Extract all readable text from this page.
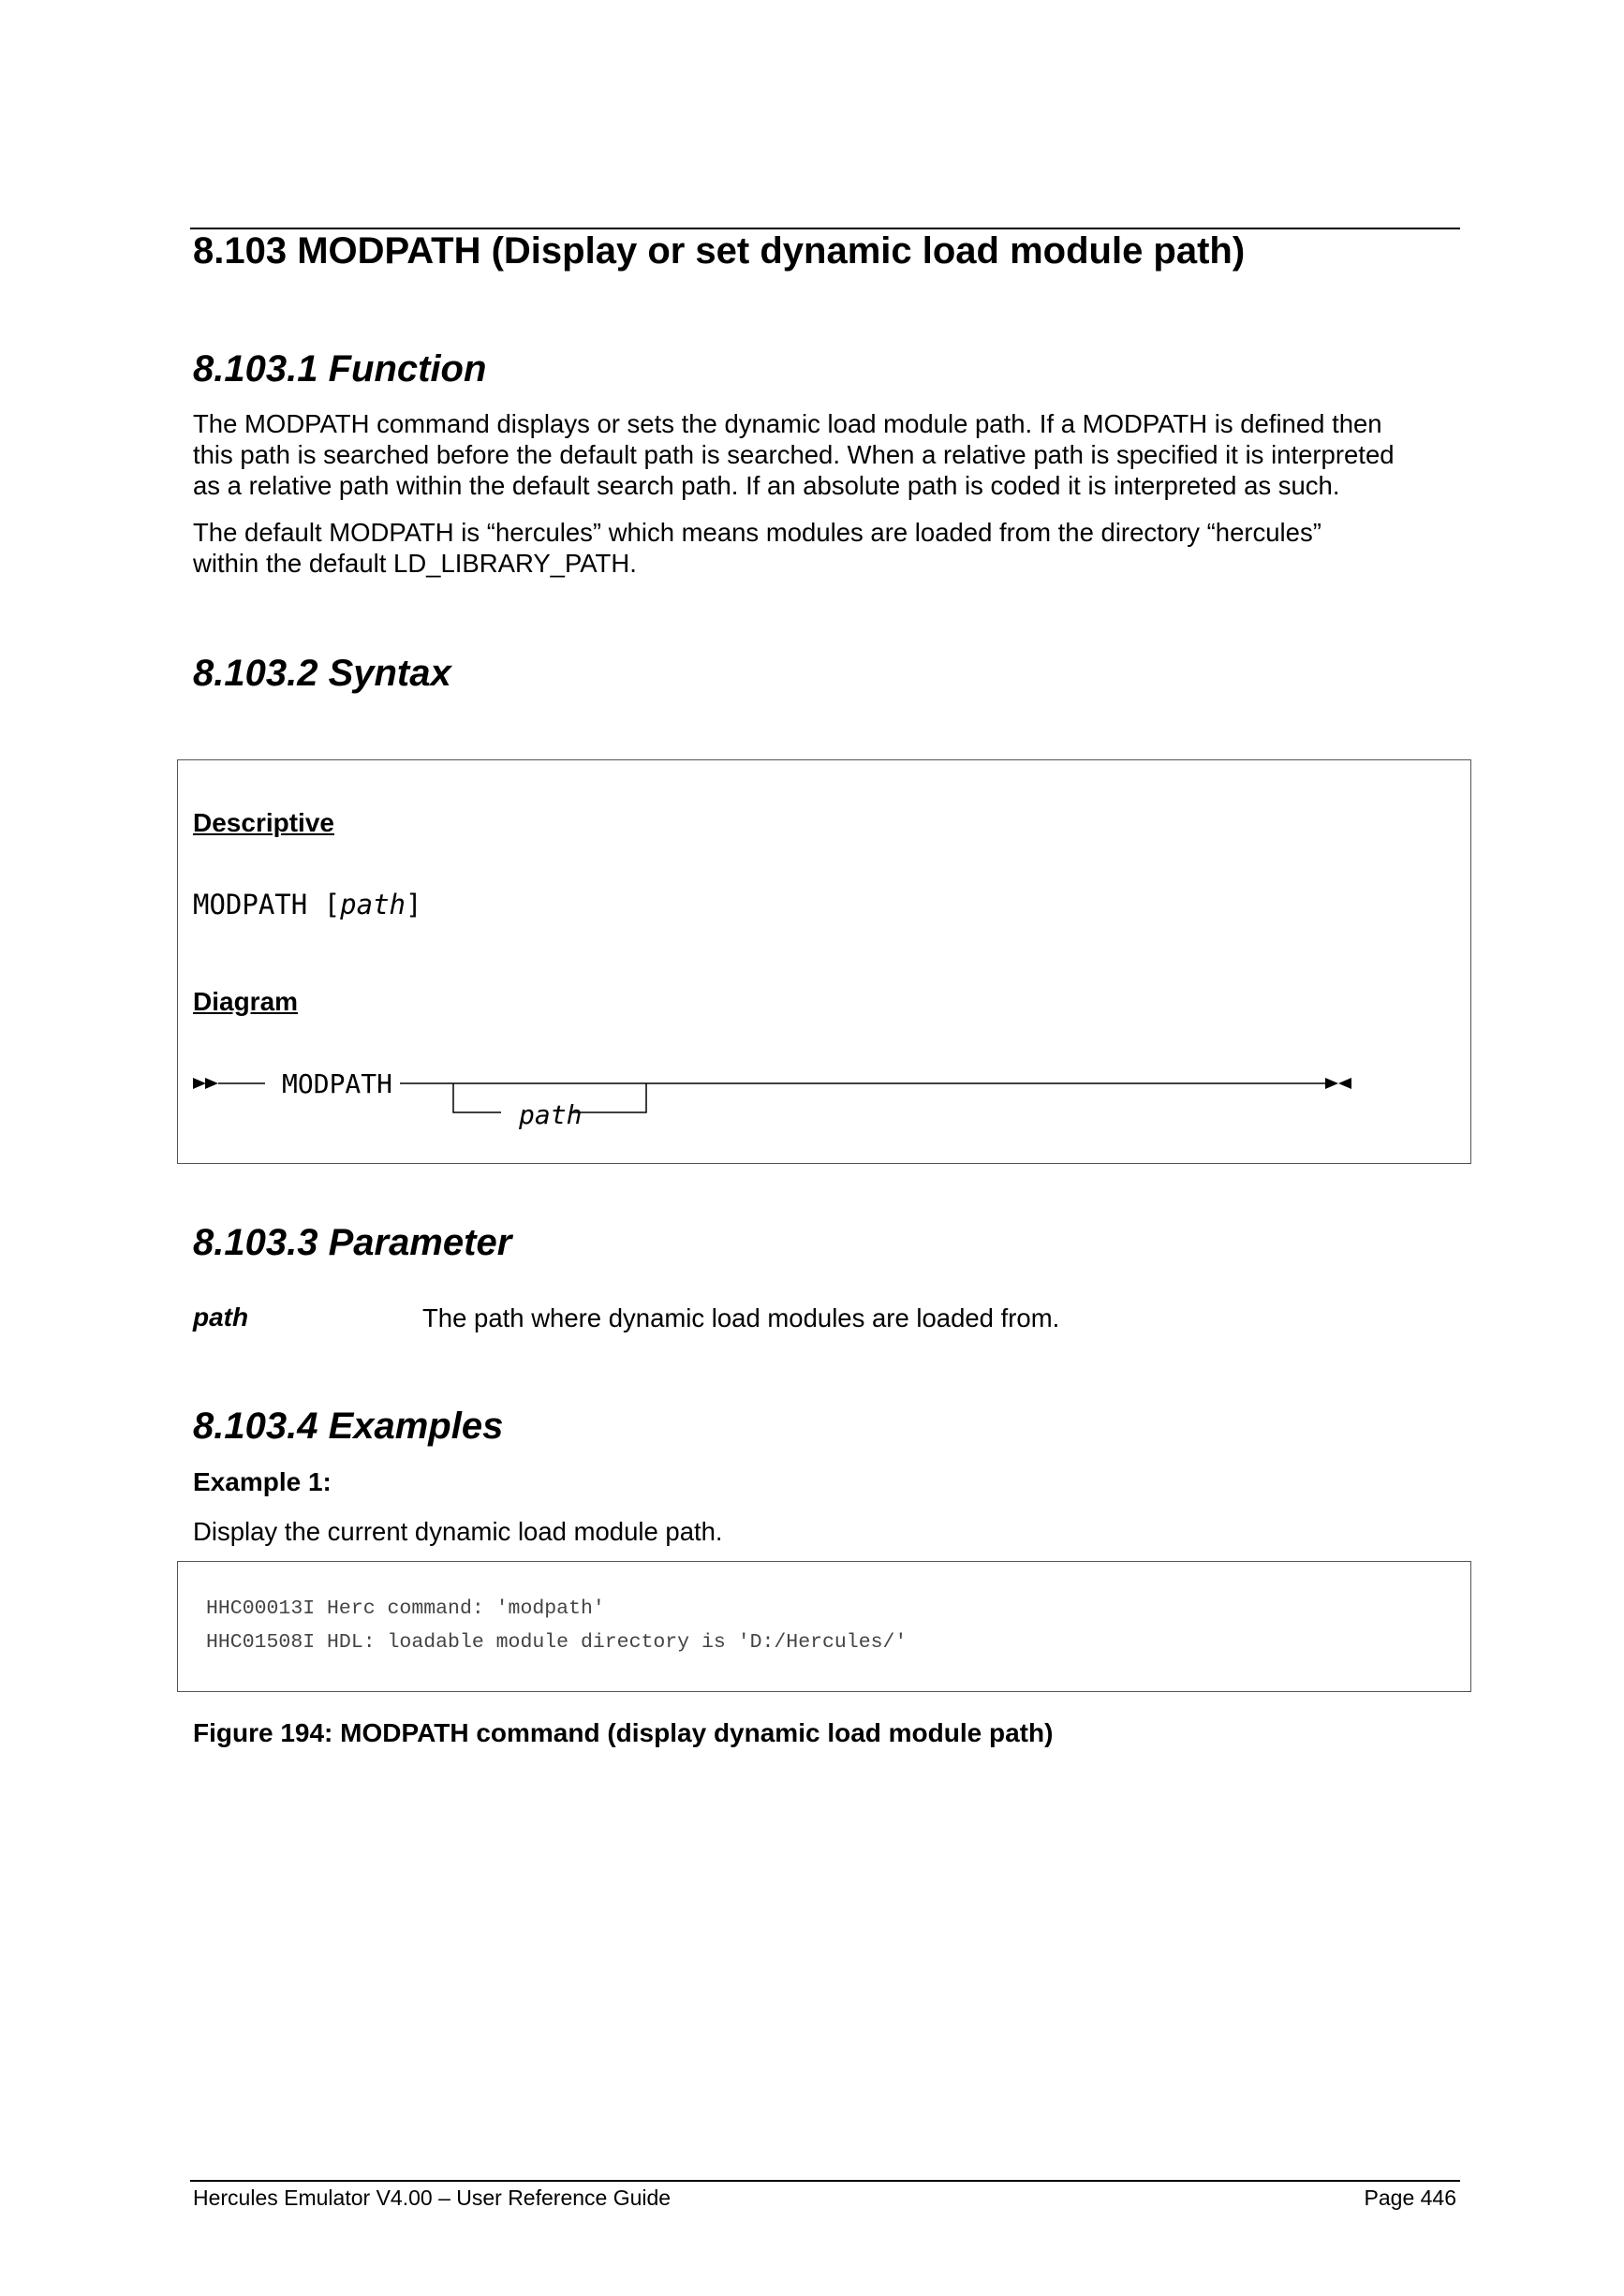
8.103 MODPATH (Display or set dynamic load module path)
8.103.1 Function

The MODPATH command displays or sets the dynamic load module path. If a MODPATH is defined then

this path is searched before the default path is searched. When a relative path is specified it is interpreted

as a relative path within the default search path. If an absolute path is coded it is interpreted as such.

The default MODPATH is “hercules” which means modules are loaded from the directory “hercules”

within the default LD_LIBRARY_PATH.

8.103.2 Syntax
Descriptive
MODPATH [path]
Diagram
MODPATH
path
8.103.3 Parameter
path	The path where dynamic load modules are loaded from.
8.103.4 Examples
Example 1:
Display the current dynamic load module path.
HHC00013I Herc command: 'modpath'
HHC01508I HDL: loadable module directory is 'D:/Hercules/'
Figure 194: MODPATH command (display dynamic load module path)
Hercules Emulator V4.00 – User Reference Guide	Page 446
